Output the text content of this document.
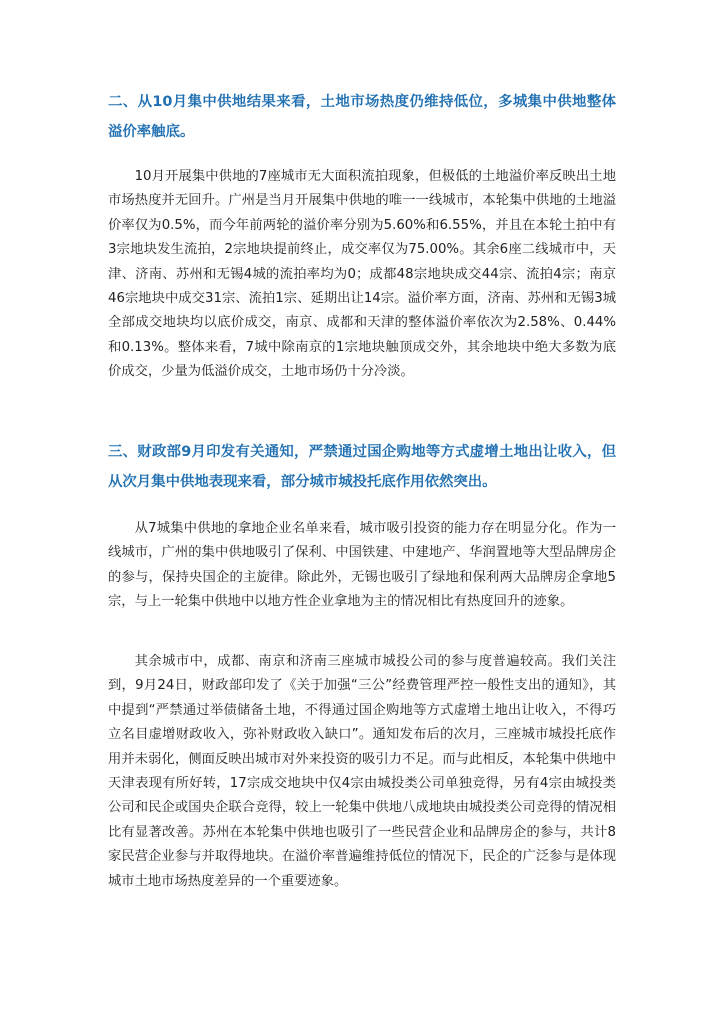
二、从10月集中供地结果来看，土地市场热度仍维持低位，多城集中供地整体溢价率触底。

10月开展集中供地的7座城市无大面积流拍现象，但极低的土地溢价率反映出土地市场热度并无回升。广州是当月开展集中供地的唯一一线城市，本轮集中供地的土地溢价率仅为0.5%，而今年前两轮的溢价率分别为5.60%和6.55%，并且在本轮土拍中有3宗地块发生流拍，2宗地块提前终止，成交率仅为75.00%。其余6座二线城市中，天津、济南、苏州和无锡4城的流拍率均为0；成都48宗地块成交44宗、流拍4宗；南京46宗地块中成交31宗、流拍1宗、延期出让14宗。溢价率方面，济南、苏州和无锡3城全部成交地块均以底价成交，南京、成都和天津的整体溢价率依次为2.58%、0.44%和0.13%。整体来看，7城中除南京的1宗地块触顶成交外，其余地块中绝大多数为底价成交，少量为低溢价成交，土地市场仍十分冷淡。

三、财政部9月印发有关通知，严禁通过国企购地等方式虚增土地出让收入，但从次月集中供地表现来看，部分城市城投托底作用依然突出。

从7城集中供地的拿地企业名单来看，城市吸引投资的能力存在明显分化。作为一线城市，广州的集中供地吸引了保利、中国铁建、中建地产、华润置地等大型品牌房企的参与，保持央国企的主旋律。除此外，无锡也吸引了绿地和保利两大品牌房企拿地5宗，与上一轮集中供地中以地方性企业拿地为主的情况相比有热度回升的迹象。

其余城市中，成都、南京和济南三座城市城投公司的参与度普遍较高。我们关注到，9月24日，财政部印发了《关于加强“三公”经费管理严控一般性支出的通知》，其中提到“严禁通过举债储备土地，不得通过国企购地等方式虚增土地出让收入，不得巧立名目虚增财政收入，弥补财政收入缺口”。通知发布后的次月，三座城市城投托底作用并未弱化，侧面反映出城市对外来投资的吸引力不足。而与此相反，本轮集中供地中天津表现有所好转，17宗成交地块中仅4宗由城投类公司单独竞得，另有4宗由城投类公司和民企或国央企联合竞得，较上一轮集中供地八成地块由城投类公司竞得的情况相比有显著改善。苏州在本轮集中供地也吸引了一些民营企业和品牌房企的参与，共计8家民营企业参与并取得地块。在溢价率普遍维持低位的情况下，民企的广泛参与是体现城市土地市场热度差异的一个重要迹象。
